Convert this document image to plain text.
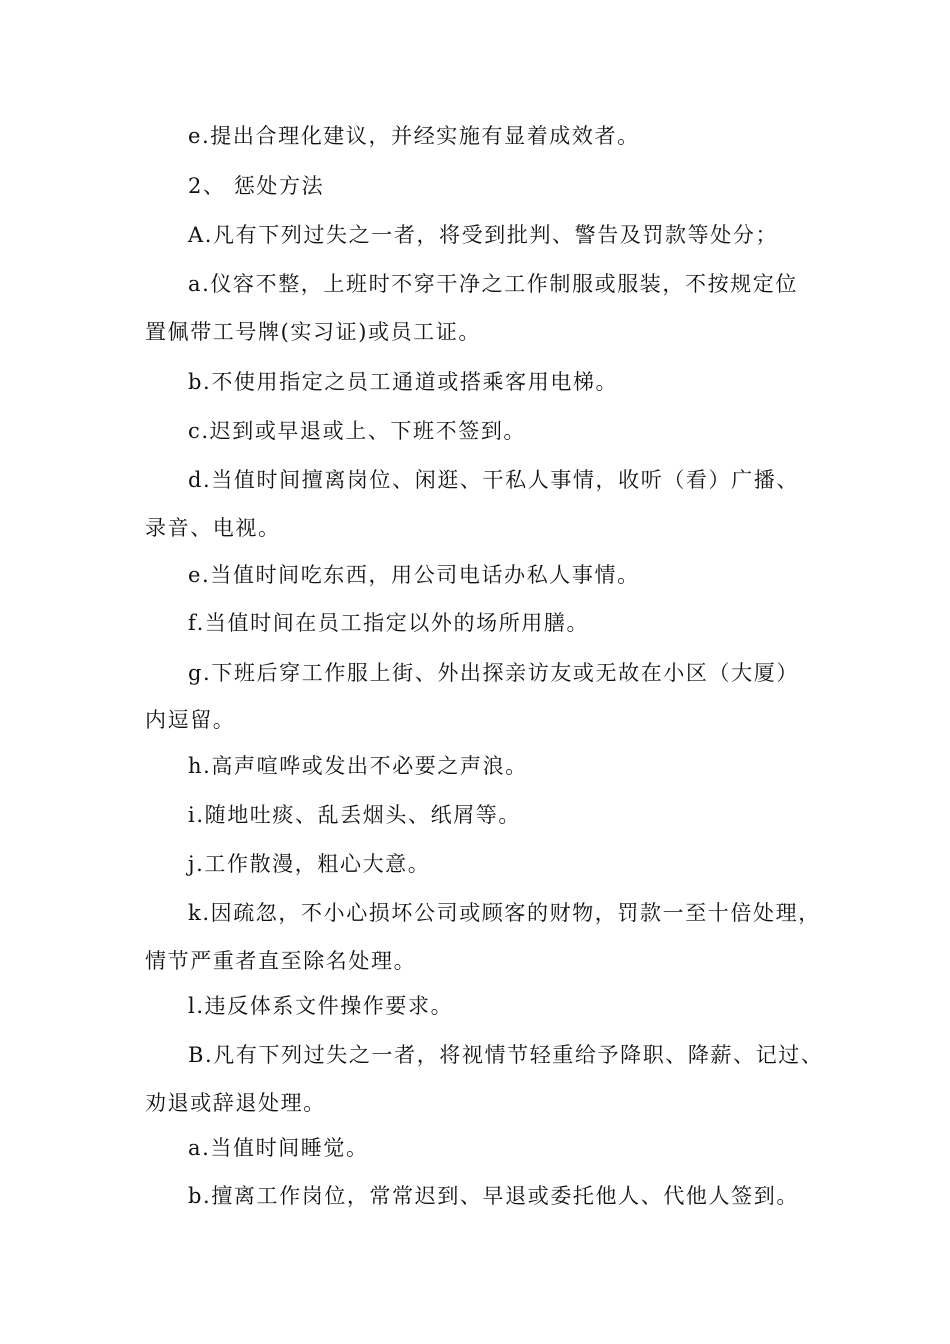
e.提出合理化建议，并经实施有显着成效者。
2、 惩处方法
A.凡有下列过失之一者，将受到批判、警告及罚款等处分；
a.仪容不整，上班时不穿干净之工作制服或服装，不按规定位
置佩带工号牌(实习证)或员工证。
b.不使用指定之员工通道或搭乘客用电梯。
c.迟到或早退或上、下班不签到。
d.当值时间擅离岗位、闲逛、干私人事情，收听（看）广播、
录音、电视。
e.当值时间吃东西，用公司电话办私人事情。
f.当值时间在员工指定以外的场所用膳。
g.下班后穿工作服上街、外出探亲访友或无故在小区（大厦）
内逗留。
h.高声喧哗或发出不必要之声浪。
i.随地吐痰、乱丢烟头、纸屑等。
j.工作散漫，粗心大意。
k.因疏忽，不小心损坏公司或顾客的财物，罚款一至十倍处理，
情节严重者直至除名处理。
l.违反体系文件操作要求。
B.凡有下列过失之一者，将视情节轻重给予降职、降薪、记过、
劝退或辞退处理。
a.当值时间睡觉。
b.擅离工作岗位，常常迟到、早退或委托他人、代他人签到。
